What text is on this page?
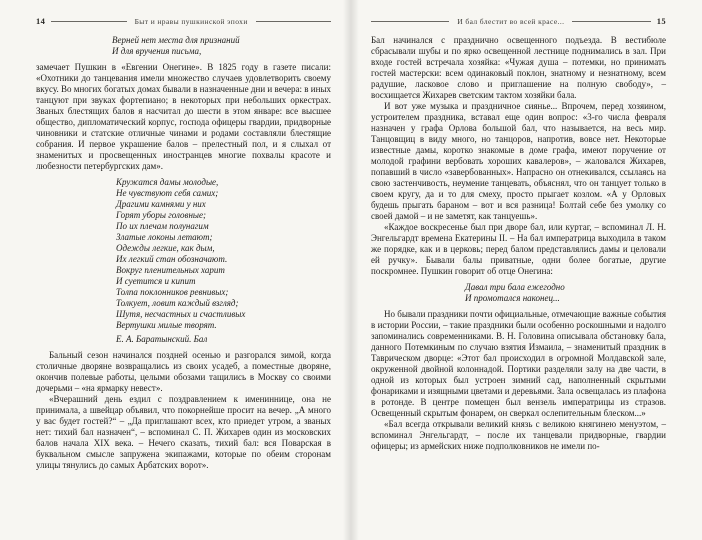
14	Быт и нравы пушкинской эпохи
Верней нет места для признаний
И для вручения письма,

замечает Пушкин в «Евгении Онегине». В 1825 году в газете писали: «Охотники до танцевания имели множество случаев удовлетворить своему вкусу. Во многих богатых домах бывали в назначенные дни и вечера: в иных танцуют при звуках фортепиано; в некоторых при небольших оркестрах. Званых блестящих балов я насчитал до шести в этом январе: все высшее общество, дипломатический корпус, господа офицеры гвардии, придворные чиновники и статские отличные чинами и родами составляли блестящие собрания. И первое украшение балов – прелестный пол, и я слыхал от знаменитых и просвещенных иностранцев многие похвалы красоте и любезности петербургских дам».

Кружатся дамы молодые,
Не чувствуют себя самих;
Драгими камнями у них
Горят уборы головные;
По их плечам полунагим
Златые локоны летают;
Одежды легкие, как дым,
Их легкий стан обозначают.
Вокруг пленительных харит
И суетится и кипит
Толпа поклонников ревнивых;
Толкует, ловит каждый взгляд;
Шутя, несчастных и счастливых
Вертушки милые творят.
Е. А. Баратынский. Бал

Бальный сезон начинался поздней осенью и разгорался зимой, когда столичные дворяне возвращались из своих усадеб, а поместные дворяне, окончив полевые работы, целыми обозами тащились в Москву со своими дочерьми – «на ярмарку невест».

«Вчерашний день ездил с поздравлением к имениннице, она не принимала, а швейцар объявил, что покорнейше просит на вечер. „А много у вас будет гостей?“ – „Да приглашают всех, кто приедет утром, а званых нет: тихий бал назначен“, – вспоминал С. П. Жихарев один из московских балов начала XIX века. – Нечего сказать, тихий бал: вся Поварская в буквальном смысле запружена экипажами, которые по обеим сторонам улицы тянулись до самых Арбатских ворот».

И бал блестит во всей красе...	15

Бал начинался с празднично освещенного подъезда. В вестибюле сбрасывали шубы и по ярко освещенной лестнице поднимались в зал. При входе гостей встречала хозяйка: «Чужая душа – потемки, но принимать гостей мастерски: всем одинаковый поклон, знатному и незнатному, всем радушие, ласковое слово и приглашение на полную свободу», – восхищается Жихарев светским тактом хозяйки бала.

И вот уже музыка и праздничное сиянье... Впрочем, перед хозяином, устроителем праздника, вставал еще один вопрос: «3-го числа февраля назначен у графа Орлова большой бал, что называется, на весь мир. Танцовщиц в виду много, но танцоров, напротив, вовсе нет. Некоторые известные дамы, коротко знакомые в доме графа, имеют поручение от молодой графини вербовать хороших кавалеров», – жаловался Жихарев, попавший в число «завербованных». Напрасно он отнекивался, ссылаясь на свою застенчивость, неумение танцевать, объяснял, что он танцует только в своем кругу, да и то для смеху, просто прыгает козлом. «А у Орловых будешь прыгать бараном – вот и вся разница! Болтай себе без умолку со своей дамой – и не заметят, как танцуешь».

«Каждое воскресенье был при дворе бал, или куртаг, – вспоминал Л. Н. Энгельгардт времена Екатерины II. – На бал императрица выходила в таком же порядке, как и в церковь; перед балом представлялись дамы и целовали ей ручку». Бывали балы приватные, одни более богатые, другие поскромнее. Пушкин говорит об отце Онегина:

Давал три бала ежегодно
И промотался наконец...

Но бывали праздники почти официальные, отмечающие важные события в истории России, – такие праздники были особенно роскошными и надолго запоминались современниками. В. Н. Головина описывала обстановку бала, данного Потемкиным по случаю взятия Измаила, – знаменитый праздник в Таврическом дворце: «Этот бал происходил в огромной Молдавской зале, окруженной двойной колоннадой. Портики разделяли залу на две части, в одной из которых был устроен зимний сад, наполненный скрытыми фонариками и изящными цветами и деревьями. Зала освещалась из плафона в ротонде. В центре помещен был вензель императрицы из стразов. Освещенный скрытым фонарем, он сверкал ослепительным блеском...»

«Бал всегда открывали великий князь с великою княгинею менуэтом, – вспоминал Энгельгардт, – после их танцевали придворные, гвардии офицеры; из армейских ниже подполковников не имели по-
